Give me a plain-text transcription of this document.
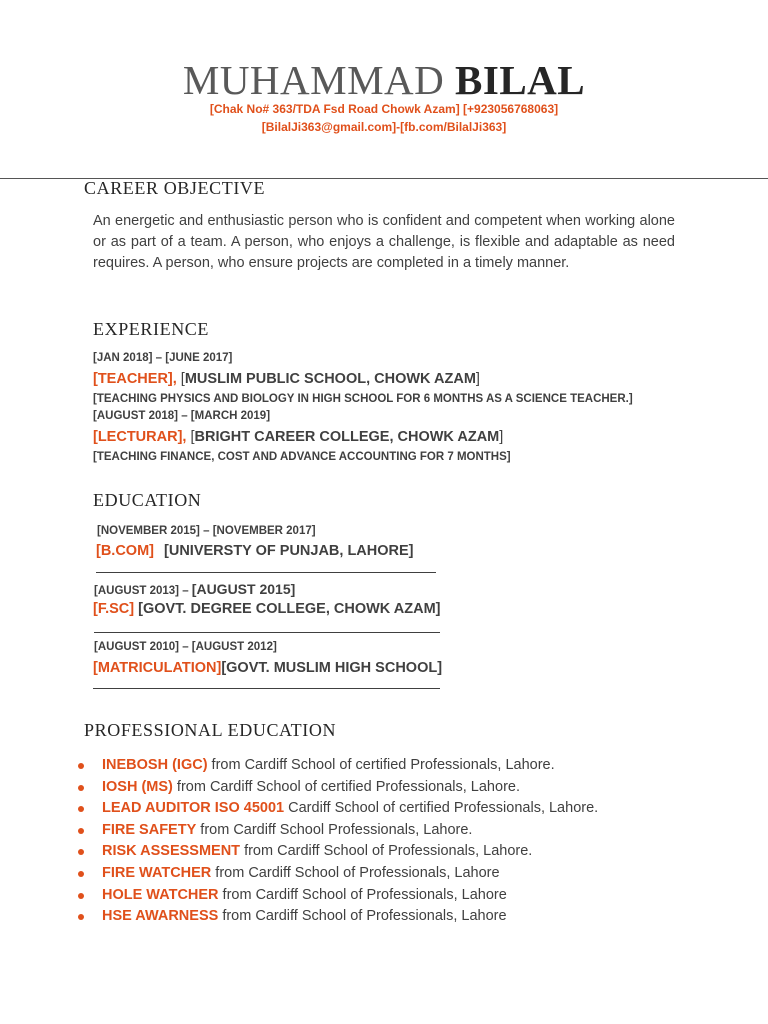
MUHAMMAD BILAL
[Chak No# 363/TDA Fsd Road Chowk Azam] [+923056768063]
[BilalJi363@gmail.com]-[fb.com/BilalJi363]
CAREER OBJECTIVE
An energetic and enthusiastic person who is confident and competent when working alone or as part of a team. A person, who enjoys a challenge, is flexible and adaptable as need requires. A person, who ensure projects are completed in a timely manner.
EXPERIENCE
[JAN 2018] – [JUNE 2017]
[TEACHER], [MUSLIM PUBLIC SCHOOL, CHOWK AZAM]
[TEACHING PHYSICS AND BIOLOGY IN HIGH SCHOOL FOR 6 MONTHS AS A SCIENCE TEACHER.]
[AUGUST 2018] – [MARCH 2019]
[LECTURAR], [BRIGHT CAREER COLLEGE, CHOWK AZAM]
[TEACHING FINANCE, COST AND ADVANCE ACCOUNTING FOR 7 MONTHS]
EDUCATION
[NOVEMBER 2015] – [NOVEMBER 2017]
[B.COM] [UNIVERSTY OF PUNJAB, LAHORE]
[AUGUST 2013] – [AUGUST 2015]
[F.SC] [GOVT. DEGREE COLLEGE, CHOWK AZAM]
[AUGUST 2010] – [AUGUST 2012]
[MATRICULATION][GOVT. MUSLIM HIGH SCHOOL]
PROFESSIONAL EDUCATION
INEBOSH (IGC) from Cardiff School of certified Professionals, Lahore.
IOSH (MS) from Cardiff School of certified Professionals, Lahore.
LEAD AUDITOR ISO 45001 Cardiff School of certified Professionals, Lahore.
FIRE SAFETY from Cardiff School Professionals, Lahore.
RISK ASSESSMENT from Cardiff School of Professionals, Lahore.
FIRE WATCHER from Cardiff School of Professionals, Lahore
HOLE WATCHER from Cardiff School of Professionals, Lahore
HSE AWARNESS from Cardiff School of Professionals, Lahore
